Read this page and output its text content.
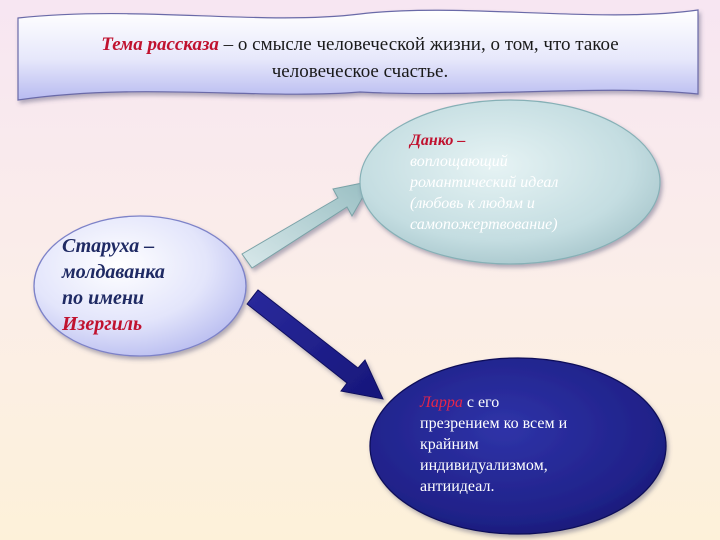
Тема рассказа – о смысле человеческой жизни, о том, что такое
человеческое счастье.
Старуха –
молдаванка
по имени
Изергиль
Данко –
воплощающий
романтический идеал
(любовь к людям и
самопожертвование)
Ларра с его
презрением ко всем и
крайним
индивидуализмом,
антиидеал.
